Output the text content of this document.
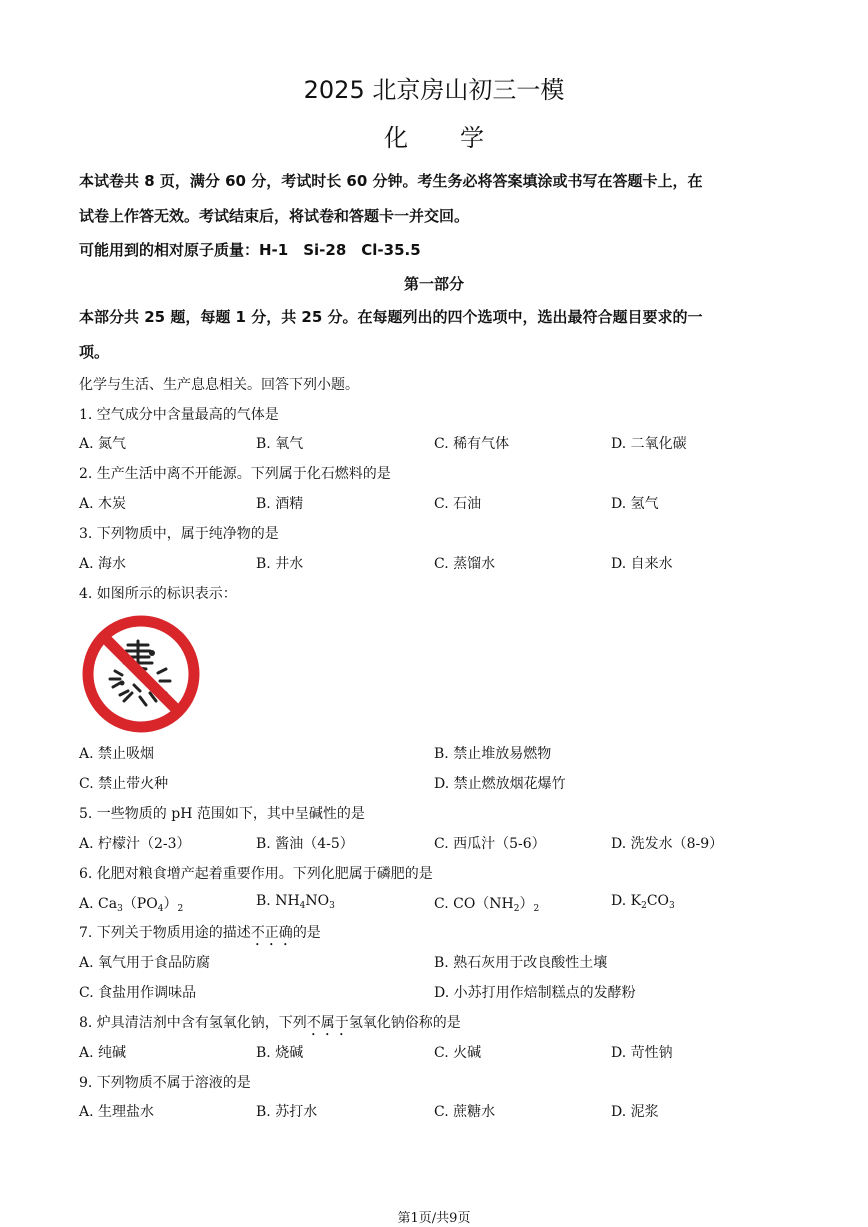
2025 北京房山初三一模
化 学
本试卷共 8 页，满分 60 分，考试时长 60 分钟。考生务必将答案填涂或书写在答题卡上，在
试卷上作答无效。考试结束后，将试卷和答题卡一并交回。
可能用到的相对原子质量：H-1　Si-28　Cl-35.5
第一部分
本部分共 25 题，每题 1 分，共 25 分。在每题列出的四个选项中，选出最符合题目要求的一
项。
化学与生活、生产息息相关。回答下列小题。
1. 空气成分中含量最高的气体是
A. 氮气	B. 氧气	C. 稀有气体	D. 二氧化碳
2. 生产生活中离不开能源。下列属于化石燃料的是
A. 木炭	B. 酒精	C. 石油	D. 氢气
3. 下列物质中，属于纯净物的是
A. 海水	B. 井水	C. 蒸馏水	D. 自来水
4. 如图所示的标识表示：
A. 禁止吸烟	B. 禁止堆放易燃物
C. 禁止带火种	D. 禁止燃放烟花爆竹
5. 一些物质的 pH 范围如下，其中呈碱性的是
A. 柠檬汁（2-3）	B. 酱油（4-5）	C. 西瓜汁（5-6）	D. 洗发水（8-9）
6. 化肥对粮食增产起着重要作用。下列化肥属于磷肥的是
A. $Ca_3(PO_4)_2$	B. $NH_4NO_3$	C. $CO(NH_2)_2$	D. $K_2CO_3$
7. 下列关于物质用途的描述不正确的是
A. 氧气用于食品防腐	B. 熟石灰用于改良酸性土壤
C. 食盐用作调味品	D. 小苏打用作焙制糕点的发酵粉
8. 炉具清洁剂中含有氢氧化钠，下列不属于氢氧化钠俗称的是
A. 纯碱	B. 烧碱	C. 火碱	D. 苛性钠
9. 下列物质不属于溶液的是
A. 生理盐水	B. 苏打水	C. 蔗糖水	D. 泥浆
第1页/共9页
